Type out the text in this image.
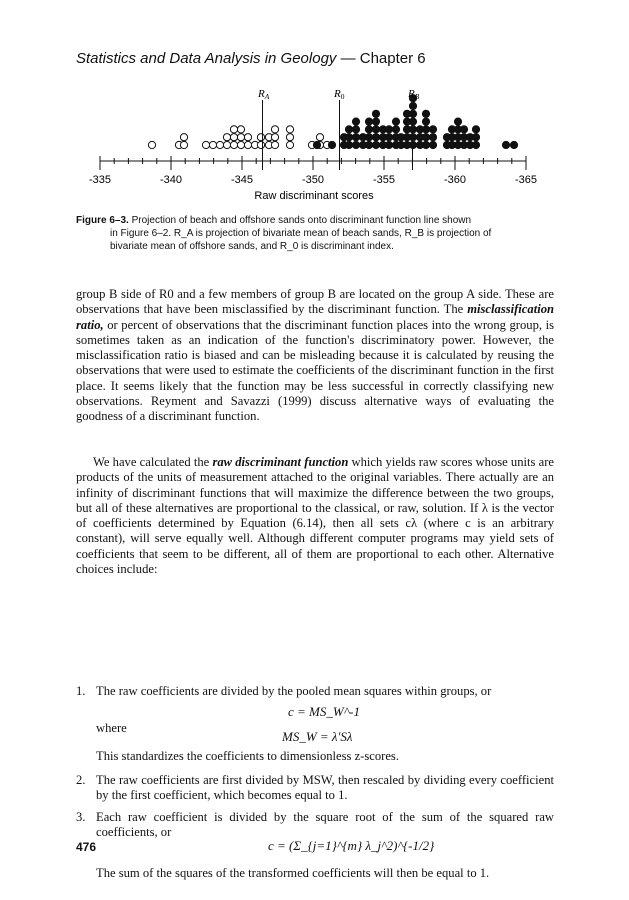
Statistics and Data Analysis in Geology — Chapter 6
RA	R0	RB
-335	-340	-345	-350	-355	-360	-365
Raw discriminant scores
Figure 6–3. Projection of beach and offshore sands onto discriminant function line shown
in Figure 6–2. R_A is projection of bivariate mean of beach sands, R_B is projection of
bivariate mean of offshore sands, and R_0 is discriminant index.

group B side of R0 and a few members of group B are located on the group A side. These are observations that have been misclassified by the discriminant function. The misclassification ratio, or percent of observations that the discriminant function places into the wrong group, is sometimes taken as an indication of the function's discriminatory power. However, the misclassification ratio is biased and can be misleading because it is calculated by reusing the observations that were used to estimate the coefficients of the discriminant function in the first place. It seems likely that the function may be less successful in correctly classifying new observations. Reyment and Savazzi (1999) discuss alternative ways of evaluating the goodness of a discriminant function.

We have calculated the raw discriminant function which yields raw scores whose units are products of the units of measurement attached to the original variables. There actually are an infinity of discriminant functions that will maximize the difference between the two groups, but all of these alternatives are proportional to the classical, or raw, solution. If λ is the vector of coefficients determined by Equation (6.14), then all sets cλ (where c is an arbitrary constant), will serve equally well. Although different computer programs may yield sets of coefficients that seem to be different, all of them are proportional to each other. Alternative choices include:

1. The raw coefficients are divided by the pooled mean squares within groups, or
2. The raw coefficients are first divided by MSW, then rescaled by dividing every coefficient by the first coefficient, which becomes equal to 1.
3. Each raw coefficient is divided by the square root of the sum of the squared raw coefficients, or
c = MS_W^-1
where
MS_W = λ′Sλ

This standardizes the coefficients to dimensionless z-scores.

c = (Σ_{j=1}^{m} λ_j^2)^{-1/2}

The sum of the squares of the transformed coefficients will then be equal to 1.

476
